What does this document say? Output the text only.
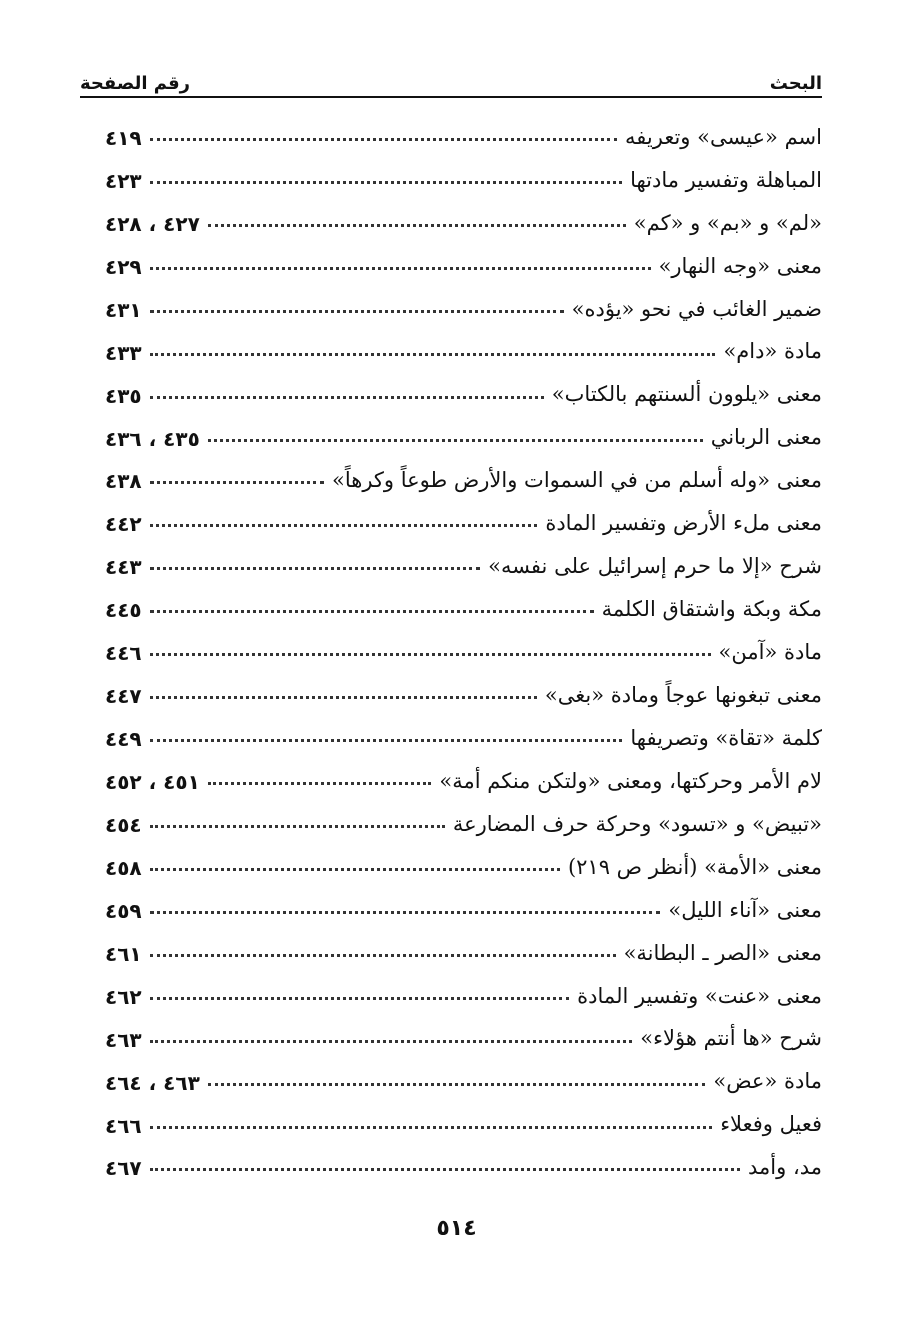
البحث
رقم الصفحة
اسم «عيسى» وتعريفه
٤١٩
المباهلة وتفسير مادتها
٤٢٣
«لم» و «بم» و «كم»
٤٢٧ ، ٤٢٨
معنى «وجه النهار»
٤٢٩
ضمير الغائب في نحو «يؤده»
٤٣١
مادة «دام»
٤٣٣
معنى «يلوون ألسنتهم بالكتاب»
٤٣٥
معنى الرباني
٤٣٥ ، ٤٣٦
معنى «وله أسلم من في السموات والأرض طوعاً وكرهاً»
٤٣٨
معنى ملء الأرض وتفسير المادة
٤٤٢
شرح «إلا ما حرم إسرائيل على نفسه»
٤٤٣
مكة وبكة واشتقاق الكلمة
٤٤٥
مادة «آمن»
٤٤٦
معنى تبغونها عوجاً ومادة «بغى»
٤٤٧
كلمة «تقاة» وتصريفها
٤٤٩
لام الأمر وحركتها، ومعنى «ولتكن منكم أمة»
٤٥١ ، ٤٥٢
«تبيض» و «تسود» وحركة حرف المضارعة
٤٥٤
معنى «الأمة» (أنظر ص ٢١٩)
٤٥٨
معنى «آناء الليل»
٤٥٩
معنى «الصر ـ البطانة»
٤٦١
معنى «عنت» وتفسير المادة
٤٦٢
شرح «ها أنتم هؤلاء»
٤٦٣
مادة «عض»
٤٦٣ ، ٤٦٤
فعيل وفعلاء
٤٦٦
مد، وأمد
٤٦٧
٥١٤
